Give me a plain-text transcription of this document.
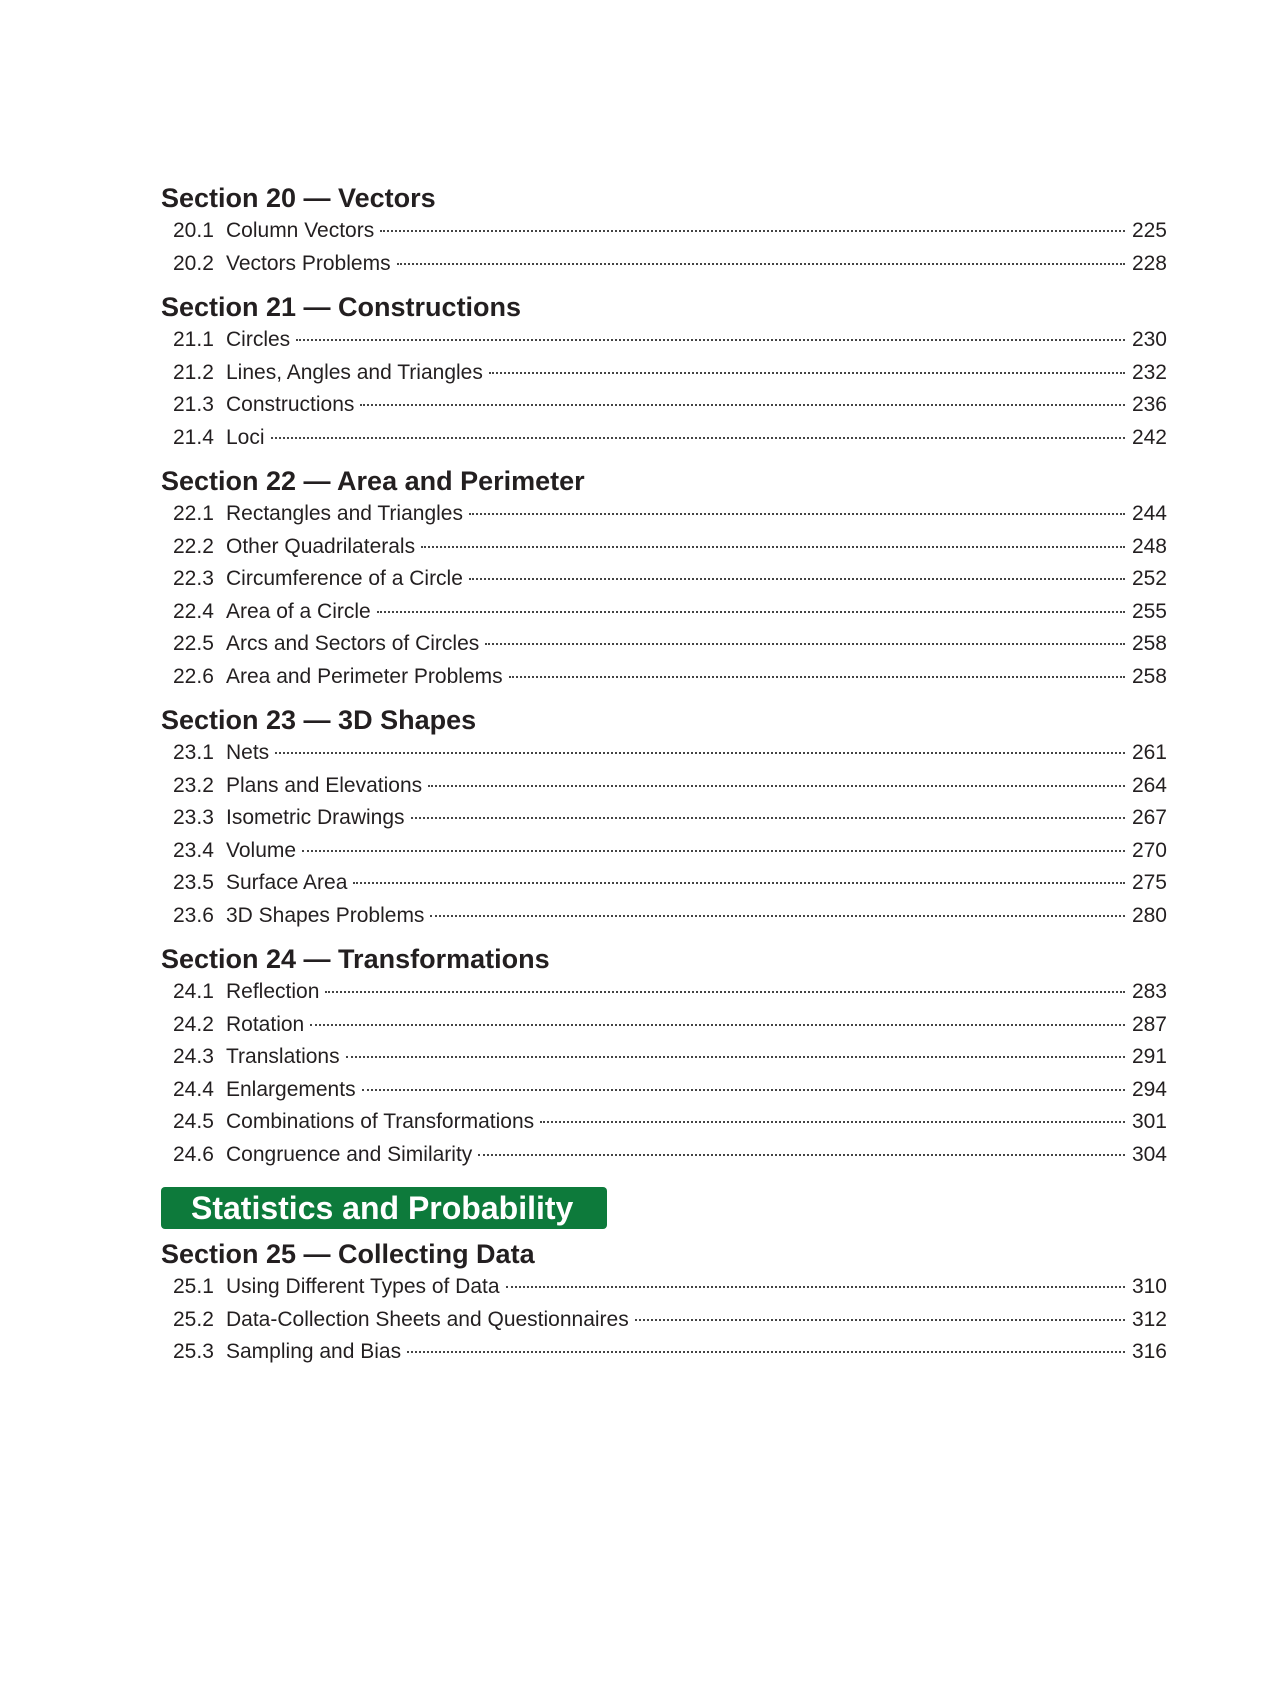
Section 20 — Vectors
20.1 Column Vectors	225
20.2 Vectors Problems	228
Section 21 — Constructions
21.1 Circles	230
21.2 Lines, Angles and Triangles	232
21.3 Constructions	236
21.4 Loci	242
Section 22 — Area and Perimeter
22.1 Rectangles and Triangles	244
22.2 Other Quadrilaterals	248
22.3 Circumference of a Circle	252
22.4 Area of a Circle	255
22.5 Arcs and Sectors of Circles	258
22.6 Area and Perimeter Problems	258
Section 23 — 3D Shapes
23.1 Nets	261
23.2 Plans and Elevations	264
23.3 Isometric Drawings	267
23.4 Volume	270
23.5 Surface Area	275
23.6 3D Shapes Problems	280
Section 24 — Transformations
24.1 Reflection	283
24.2 Rotation	287
24.3 Translations	291
24.4 Enlargements	294
24.5 Combinations of Transformations	301
24.6 Congruence and Similarity	304
Statistics and Probability
Section 25 — Collecting Data
25.1 Using Different Types of Data	310
25.2 Data-Collection Sheets and Questionnaires	312
25.3 Sampling and Bias	316
